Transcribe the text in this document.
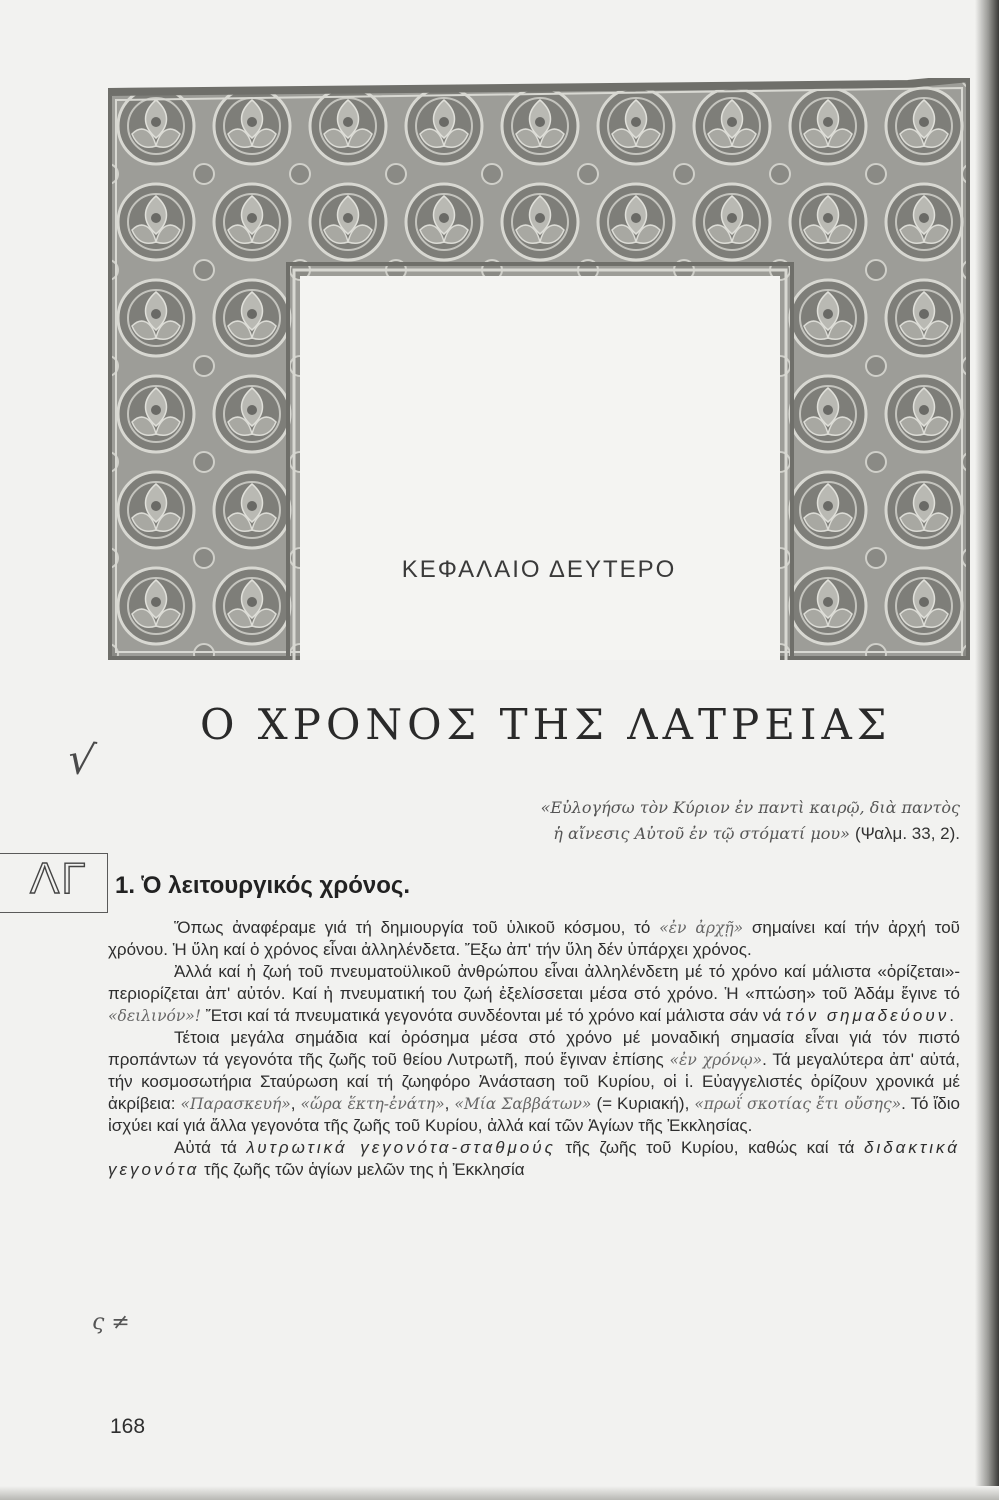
ΚΕΦΑΛΑΙΟ ΔΕΥΤΕΡΟ
√
Ο ΧΡΟΝΟΣ ΤΗΣ ΛΑΤΡΕΙΑΣ
«Εὐλογήσω τὸν Κύριον ἐν παντὶ καιρῷ, διὰ παντὸς
ἡ αἴνεσις Αὐτοῦ ἐν τῷ στόματί μου» (Ψαλμ. 33, 2).
ΛΓ 1. Ὁ λειτουργικός χρόνος.

Ὅπως ἀναφέραμε γιά τή δημιουργία τοῦ ὑλικοῦ κόσμου, τό «ἐν ἀρχῇ» σημαίνει καί τήν ἀρχή τοῦ χρόνου. Ἡ ὕλη καί ὁ χρόνος εἶναι ἀλληλένδετα. Ἔξω ἀπ' τήν ὕλη δέν ὑπάρχει χρόνος.

Ἀλλά καί ἡ ζωή τοῦ πνευματοϋλικοῦ ἀνθρώπου εἶναι ἀλληλένδετη μέ τό χρόνο καί μάλιστα «ὁρίζεται»-περιορίζεται ἀπ' αὐτόν. Καί ἡ πνευματική του ζωή ἐξελίσσεται μέσα στό χρόνο. Ἡ «πτώση» τοῦ Ἀδάμ ἔγινε τό «δειλινόν»! Ἔτσι καί τά πνευματικά γεγονότα συνδέονται μέ τό χρόνο καί μάλιστα σάν νά τόν σημαδεύουν.

Τέτοια μεγάλα σημάδια καί ὀρόσημα μέσα στό χρόνο μέ μοναδική σημασία εἶναι γιά τόν πιστό προπάντων τά γεγονότα τῆς ζωῆς τοῦ θείου Λυτρωτῆ, πού ἔγιναν ἐπίσης «ἐν χρόνῳ». Τά μεγαλύτερα ἀπ' αὐτά, τήν κοσμοσωτήρια Σταύρωση καί τή ζωηφόρο Ἀνάσταση τοῦ Κυρίου, οἱ ἱ. Εὐαγγελιστές ὁρίζουν χρονικά μέ ἀκρίβεια: «Παρασκευή», «ὥρα ἕκτη-ἐνάτη», «Μία Σαββάτων» (= Κυριακή), «πρωΐ σκοτίας ἔτι οὔσης». Τό ἴδιο ἰσχύει καί γιά ἄλλα γεγονότα τῆς ζωῆς τοῦ Κυρίου, ἀλλά καί τῶν Ἁγίων τῆς Ἐκκλησίας.

Αὐτά τά λυτρωτικά γεγονότα-σταθμούς τῆς ζωῆς τοῦ Κυρίου, καθώς καί τά διδακτικά γεγονότα τῆς ζωῆς τῶν ἁγίων μελῶν της ἡ Ἐκκλησία

ς ≠
168
